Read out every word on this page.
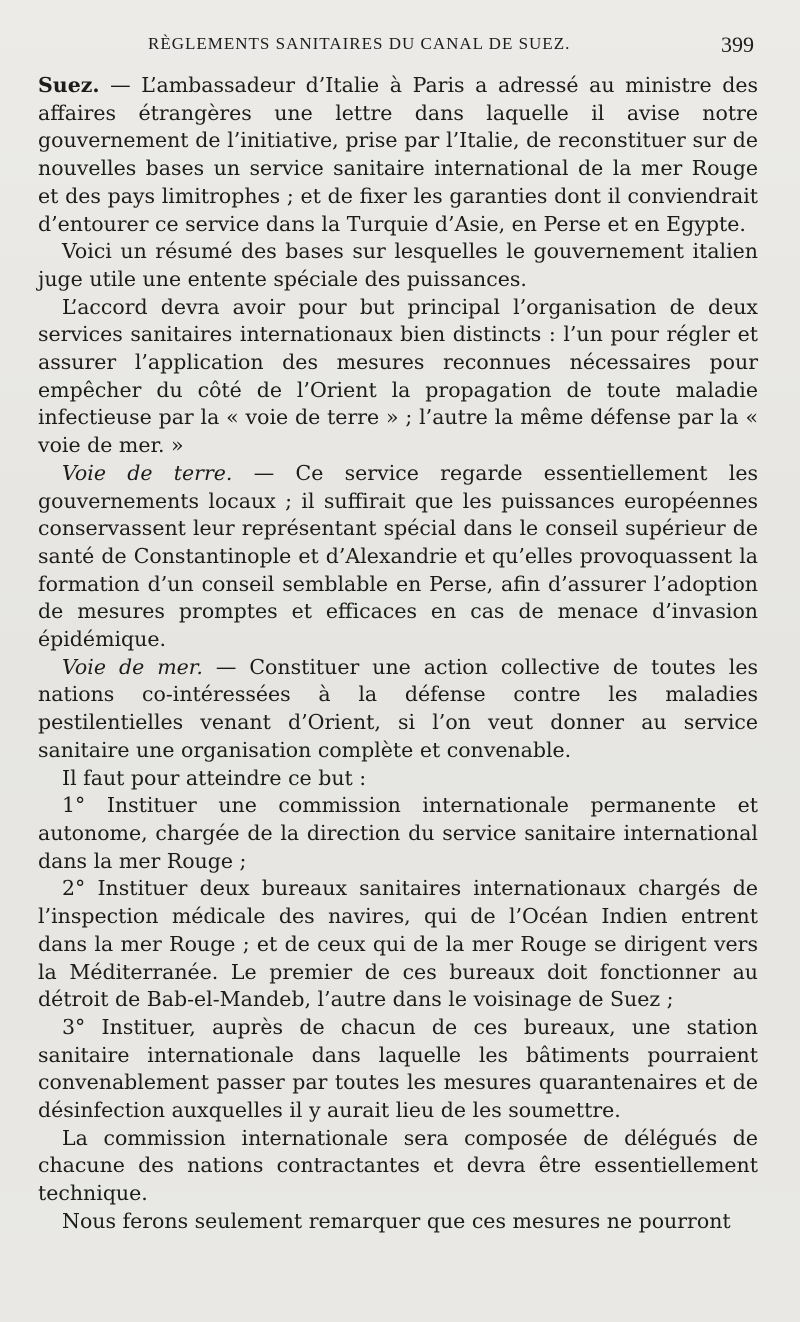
RÈGLEMENTS SANITAIRES DU CANAL DE SUEZ.	399

Suez. — L’ambassadeur d’Italie à Paris a adressé au ministre des affaires étrangères une lettre dans laquelle il avise notre gouvernement de l’initiative, prise par l’Italie, de reconstituer sur de nouvelles bases un service sanitaire international de la mer Rouge et des pays limitrophes ; et de fixer les garanties dont il conviendrait d’entourer ce service dans la Turquie d’Asie, en Perse et en Egypte.

Voici un résumé des bases sur lesquelles le gouvernement italien juge utile une entente spéciale des puissances.

L’accord devra avoir pour but principal l’organisation de deux services sanitaires internationaux bien distincts : l’un pour régler et assurer l’application des mesures reconnues nécessaires pour empêcher du côté de l’Orient la propagation de toute maladie infectieuse par la « voie de terre » ; l’autre la même défense par la « voie de mer. »

Voie de terre. — Ce service regarde essentiellement les gouvernements locaux ; il suffirait que les puissances européennes conservassent leur représentant spécial dans le conseil supérieur de santé de Constantinople et d’Alexandrie et qu’elles provoquassent la formation d’un conseil semblable en Perse, afin d’assurer l’adoption de mesures promptes et efficaces en cas de menace d’invasion épidémique.

Voie de mer. — Constituer une action collective de toutes les nations co-intéressées à la défense contre les maladies pestilentielles venant d’Orient, si l’on veut donner au service sanitaire une organisation complète et convenable.

Il faut pour atteindre ce but :

1° Instituer une commission internationale permanente et autonome, chargée de la direction du service sanitaire international dans la mer Rouge ;

2° Instituer deux bureaux sanitaires internationaux chargés de l’inspection médicale des navires, qui de l’Océan Indien entrent dans la mer Rouge ; et de ceux qui de la mer Rouge se dirigent vers la Méditerranée. Le premier de ces bureaux doit fonctionner au détroit de Bab-el-Mandeb, l’autre dans le voisinage de Suez ;

3° Instituer, auprès de chacun de ces bureaux, une station sanitaire internationale dans laquelle les bâtiments pourraient convenablement passer par toutes les mesures quarantenaires et de désinfection auxquelles il y aurait lieu de les soumettre.

La commission internationale sera composée de délégués de chacune des nations contractantes et devra être essentiellement technique.

Nous ferons seulement remarquer que ces mesures ne pourront
